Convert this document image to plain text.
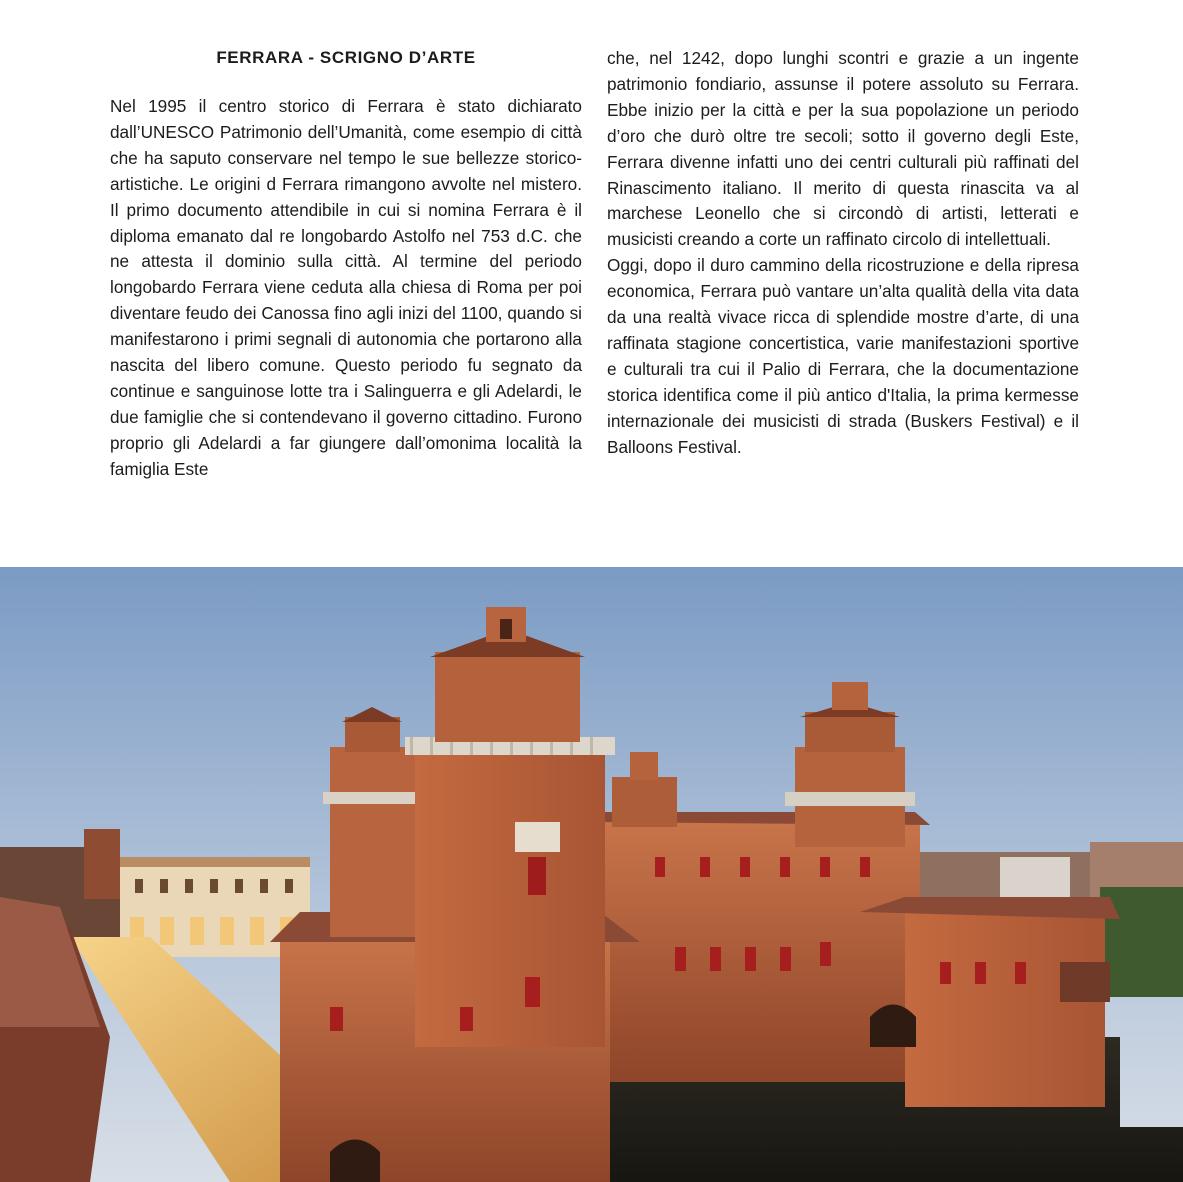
FERRARA - SCRIGNO D’ARTE

Nel 1995 il centro storico di Ferrara è stato dichiarato dall’UNESCO Patrimonio dell’Umanità, come esempio di città che ha saputo conservare nel tempo le sue bellezze storico-artistiche. Le origini d Ferrara rimangono avvolte nel mistero. Il primo documento attendibile in cui si nomina Ferrara è il diploma emanato dal re longobardo Astolfo nel 753 d.C. che ne attesta il dominio sulla città. Al termine del periodo longobardo Ferrara viene ceduta alla chiesa di Roma per poi diventare feudo dei Canossa fino agli inizi del 1100, quando si manifestarono i primi segnali di autonomia che portarono alla nascita del libero comune. Questo periodo fu segnato da continue e sanguinose lotte tra i Salinguerra e gli Adelardi, le due famiglie che si contendevano il governo cittadino. Furono proprio gli Adelardi a far giungere dall’omonima località la famiglia Este

che, nel 1242, dopo lunghi scontri e grazie a un ingente patrimonio fondiario, assunse il potere assoluto su Ferrara. Ebbe inizio per la città e per la sua popolazione un periodo d’oro che durò oltre tre secoli; sotto il governo degli Este, Ferrara divenne infatti uno dei centri culturali più raffinati del Rinascimento italiano. Il merito di questa rinascita va al marchese Leonello che si circondò di artisti, letterati e musicisti creando a corte un raffinato circolo di intellettuali.

Oggi, dopo il duro cammino della ricostruzione e della ripresa economica, Ferrara può vantare un’alta qualità della vita data da una realtà vivace ricca di splendide mostre d’arte, di una raffinata stagione concertistica, varie manifestazioni sportive e culturali tra cui il Palio di Ferrara, che la documentazione storica identifica come il più antico d'Italia, la prima kermesse internazionale dei musicisti di strada (Buskers Festival) e il Balloons Festival.
